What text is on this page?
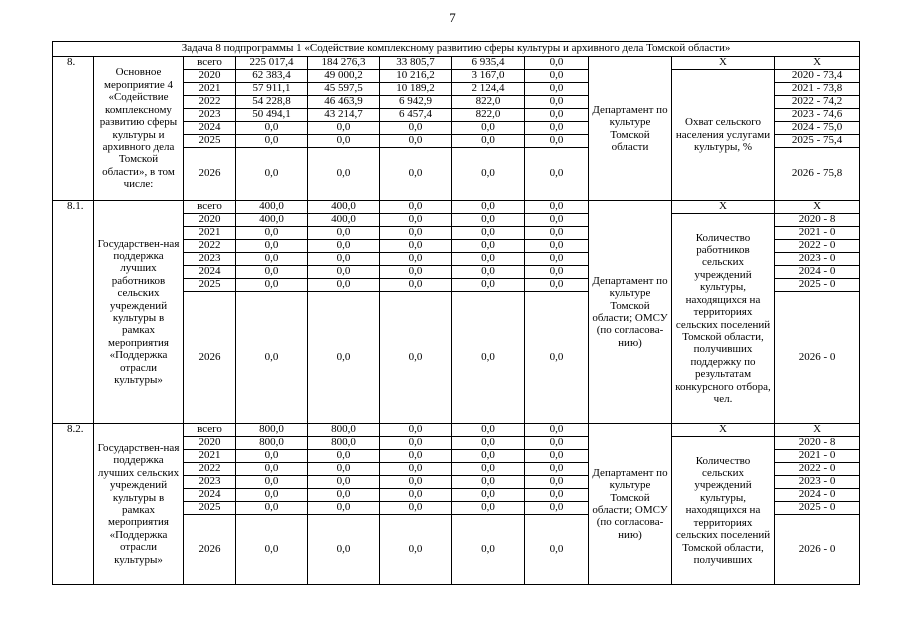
7
Задача 8 подпрограммы 1 «Содействие комплексному развитию сферы культуры и архивного дела Томской области»										
8.	Основное мероприятие 4 «Содействие комплексному развитию сферы культуры и архивного дела Томской области», в том числе:	всего	225 017,4	184 276,3	33 805,7	6 935,4	0,0	Департамент по культуре Томской области	X	X
		2020	62 383,4	49 000,2	10 216,2	3 167,0	0,0		Охват сельского населения услугами культуры, %	2020 - 73,4
		2021	57 911,1	45 597,5	10 189,2	2 124,4	0,0			2021 - 73,8
		2022	54 228,8	46 463,9	6 942,9	822,0	0,0			2022 - 74,2
		2023	50 494,1	43 214,7	6 457,4	822,0	0,0			2023 - 74,6
		2024	0,0	0,0	0,0	0,0	0,0			2024 - 75,0
		2025	0,0	0,0	0,0	0,0	0,0			2025 - 75,4
		2026	0,0	0,0	0,0	0,0	0,0			2026 - 75,8
8.1.	Государствен-ная поддержка лучших работников сельских учреждений культуры в рамках мероприятия «Поддержка отрасли культуры»	всего	400,0	400,0	0,0	0,0	0,0	Департамент по культуре Томской области; ОМСУ (по согласова-нию)	X	X
		2020	400,0	400,0	0,0	0,0	0,0		Количество работников сельских учреждений культуры, находящихся на территориях сельских поселений Томской области, получивших поддержку по результатам конкурсного отбора, чел.	2020 - 8
		2021	0,0	0,0	0,0	0,0	0,0			2021 - 0
		2022	0,0	0,0	0,0	0,0	0,0			2022 - 0
		2023	0,0	0,0	0,0	0,0	0,0			2023 - 0
		2024	0,0	0,0	0,0	0,0	0,0			2024 - 0
		2025	0,0	0,0	0,0	0,0	0,0			2025 - 0
		2026	0,0	0,0	0,0	0,0	0,0			2026 - 0
8.2.	Государствен-ная поддержка лучших сельских учреждений культуры в рамках мероприятия «Поддержка отрасли культуры»	всего	800,0	800,0	0,0	0,0	0,0	Департамент по культуре Томской области; ОМСУ (по согласова-нию)	X	X
		2020	800,0	800,0	0,0	0,0	0,0		Количество сельских учреждений культуры, находящихся на территориях сельских поселений Томской области, получивших	2020 - 8
		2021	0,0	0,0	0,0	0,0	0,0			2021 - 0
		2022	0,0	0,0	0,0	0,0	0,0			2022 - 0
		2023	0,0	0,0	0,0	0,0	0,0			2023 - 0
		2024	0,0	0,0	0,0	0,0	0,0			2024 - 0
		2025	0,0	0,0	0,0	0,0	0,0			2025 - 0
		2026	0,0	0,0	0,0	0,0	0,0			2026 - 0
